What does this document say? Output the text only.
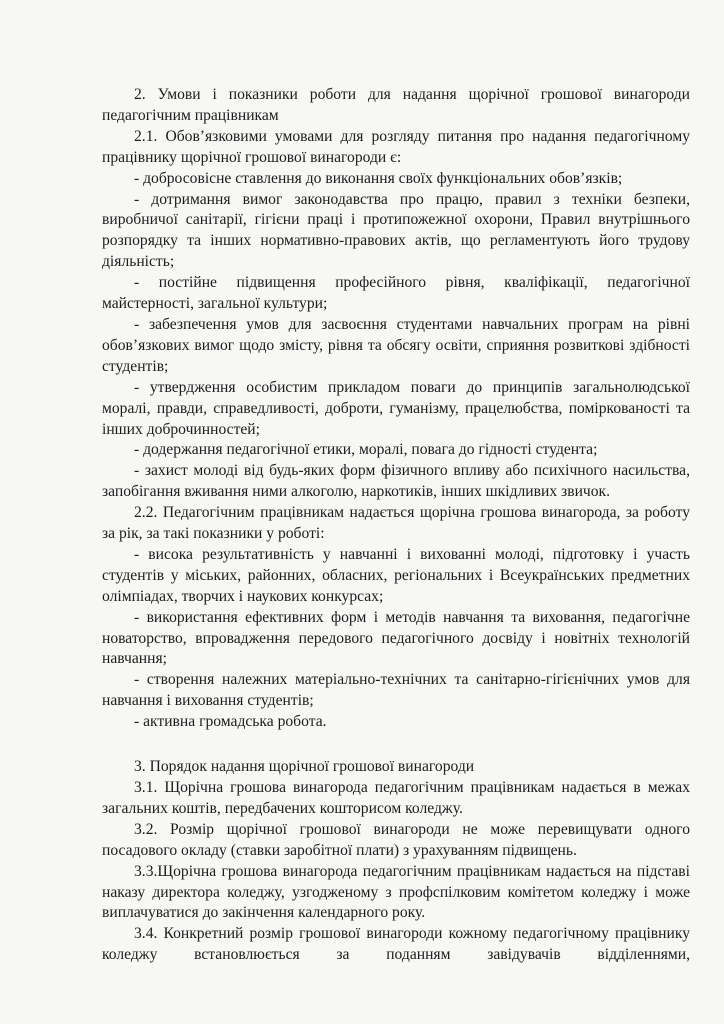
2. Умови і показники роботи для надання щорічної грошової винагороди педагогічним працівникам

2.1. Обов’язковими умовами для розгляду питання про надання педагогічному працівнику щорічної грошової винагороди є:

- добросовісне ставлення до виконання своїх функціональних обов’язків;

- дотримання вимог законодавства про працю, правил з техніки безпеки, виробничої санітарії, гігієни праці і протипожежної охорони, Правил внутрішнього розпорядку та інших нормативно-правових актів, що регламентують його трудову діяльність;

- постійне підвищення професійного рівня, кваліфікації, педагогічної майстерності, загальної культури;

- забезпечення умов для засвоєння студентами навчальних програм на рівні обов’язкових вимог щодо змісту, рівня та обсягу освіти, сприяння розвиткові здібності студентів;

- утвердження особистим прикладом поваги до принципів загальнолюдської моралі, правди, справедливості, доброти, гуманізму, працелюбства, поміркованості та інших доброчинностей;

- додержання педагогічної етики, моралі, повага до гідності студента;

- захист молоді від будь-яких форм фізичного впливу або психічного насильства, запобігання вживання ними алкоголю, наркотиків, інших шкідливих звичок.

2.2. Педагогічним працівникам надається щорічна грошова винагорода, за роботу за рік, за такі показники у роботі:

- висока результативність у навчанні і вихованні молоді, підготовку і участь студентів у міських, районних, обласних, регіональних і Всеукраїнських предметних олімпіадах, творчих і наукових конкурсах;

- використання ефективних форм і методів навчання та виховання, педагогічне новаторство, впровадження передового педагогічного досвіду і новітніх технологій навчання;

- створення належних матеріально-технічних та санітарно-гігієнічних умов для навчання і виховання студентів;

- активна громадська робота.

3. Порядок надання щорічної грошової винагороди

3.1. Щорічна грошова винагорода педагогічним працівникам надається в межах загальних коштів, передбачених кошторисом коледжу.

3.2. Розмір щорічної грошової винагороди не може перевищувати одного посадового окладу (ставки заробітної плати) з урахуванням підвищень.

3.3.Щорічна грошова винагорода педагогічним працівникам надається на підставі наказу директора коледжу, узгодженому з профспілковим комітетом коледжу і може виплачуватися до закінчення календарного року.

3.4. Конкретний розмір грошової винагороди кожному педагогічному працівнику коледжу встановлюється за поданням завідувачів відділеннями,
